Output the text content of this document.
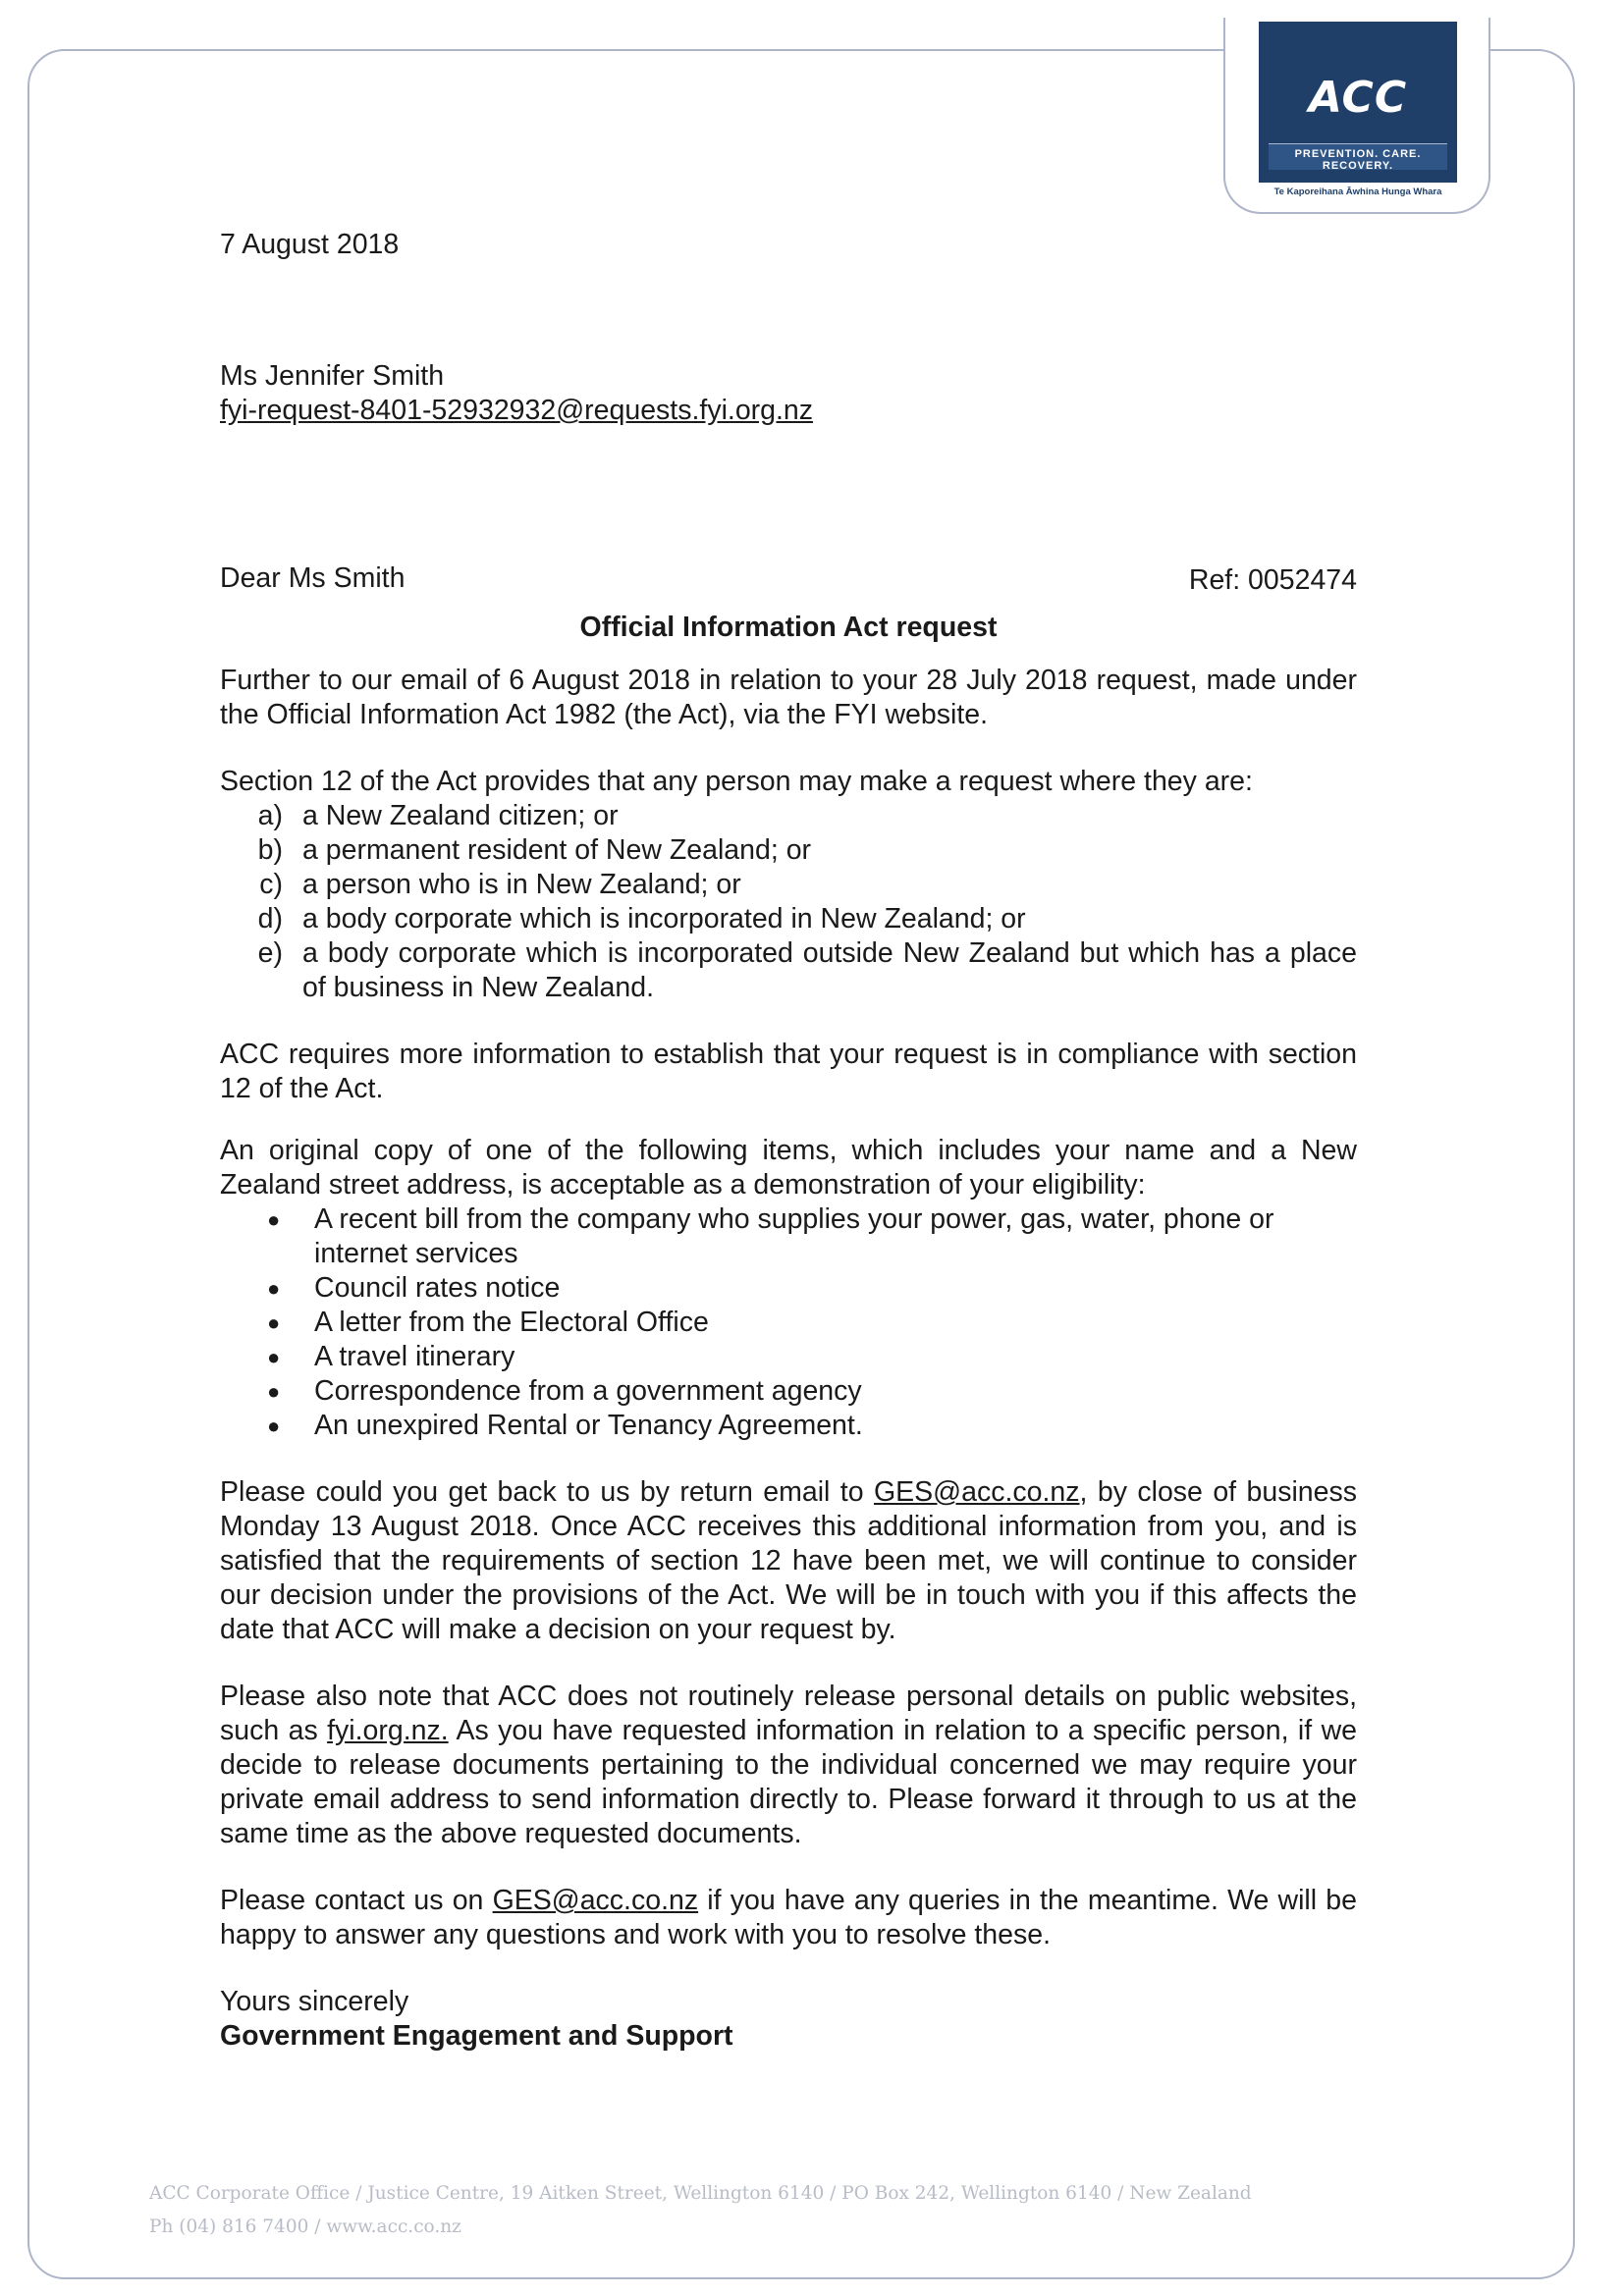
ACC
PREVENTION. CARE. RECOVERY.
Te Kaporeihana Āwhina Hunga Whara
7 August 2018
Ms Jennifer Smith
fyi-request-8401-52932932@requests.fyi.org.nz
Dear Ms Smith	Ref: 0052474
Official Information Act request

Further to our email of 6 August 2018 in relation to your 28 July 2018 request, made under the Official Information Act 1982 (the Act), via the FYI website.

Section 12 of the Act provides that any person may make a request where they are:

a) a New Zealand citizen; or
b) a permanent resident of New Zealand; or
c) a person who is in New Zealand; or
d) a body corporate which is incorporated in New Zealand; or
e) a body corporate which is incorporated outside New Zealand but which has a place of business in New Zealand.

ACC requires more information to establish that your request is in compliance with section 12 of the Act.

An original copy of one of the following items, which includes your name and a New Zealand street address, is acceptable as a demonstration of your eligibility:

●	A recent bill from the company who supplies your power, gas, water, phone or internet services
●	Council rates notice
●	A letter from the Electoral Office
●	A travel itinerary
●	Correspondence from a government agency
●	An unexpired Rental or Tenancy Agreement.

Please could you get back to us by return email to GES@acc.co.nz, by close of business Monday 13 August 2018. Once ACC receives this additional information from you, and is satisfied that the requirements of section 12 have been met, we will continue to consider our decision under the provisions of the Act. We will be in touch with you if this affects the date that ACC will make a decision on your request by.

Please also note that ACC does not routinely release personal details on public websites, such as fyi.org.nz. As you have requested information in relation to a specific person, if we decide to release documents pertaining to the individual concerned we may require your private email address to send information directly to. Please forward it through to us at the same time as the above requested documents.

Please contact us on GES@acc.co.nz if you have any queries in the meantime. We will be happy to answer any questions and work with you to resolve these.

Yours sincerely
Government Engagement and Support
ACC Corporate Office / Justice Centre, 19 Aitken Street, Wellington 6140 / PO Box 242, Wellington 6140 / New Zealand
Ph (04) 816 7400 / www.acc.co.nz
